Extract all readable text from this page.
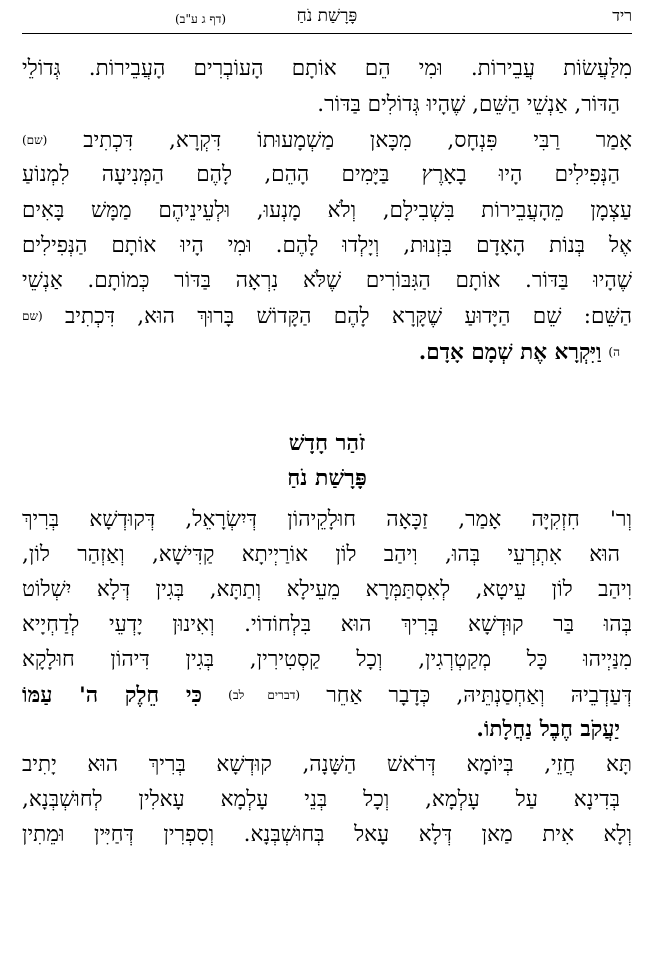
ריד
פָּרָשַׁת נֹחַ
(דף ג ע"ב)
מִלַּעֲשׂוֹת עֲבֵירוֹת. וּמִי הֵם אוֹתָם הָעוֹבְרִים הָעֲבֵירוֹת. גְּדוֹלֵי
הַדּוֹר, אַנְשֵׁי הַשֵּׁם, שֶׁהָיוּ גְּדוֹלִים בַּדּוֹר.
אָמַר רַבִּי פִּנְחָס, מִכָּאן מַשְׁמָעוּתוֹ דִּקְרָא, דִּכְתִיב (שם)
הַנְּפִילִים הָיוּ בָאָרֶץ בַּיָּמִים הָהֵם, לָהֶם הַמְּנִיעָה לִמְנוֹעַ
עַצְמָן מֵהָעֲבֵירוֹת בִּשְׁבִילָם, וְלֹא מָנְעוּ, וּלְעֵינֵיהֶם מַמָּשׁ בָּאִים
אֶל בְּנוֹת הָאָדָם בִּזְנוּת, וְיָלְדוּ לָהֶם. וּמִי הָיוּ אוֹתָם הַנְּפִילִים
שֶׁהָיוּ בַּדּוֹר. אוֹתָם הַגִּבּוֹרִים שֶׁלֹּא נִרְאָה בַּדּוֹר כְּמוֹתָם. אַנְשֵׁי
הַשֵּׁם: שֵׁם הַיָּדוּעַ שֶׁקָּרָא לָהֶם הַקָּדוֹשׁ בָּרוּךְ הוּא, דִּכְתִיב (שם
ה) וַיִּקְרָא אֶת שְׁמָם אָדָם.
זֹהַר חָדָשׁ
פָּרָשַׁת נֹחַ
וְר' חִזְקִיָּה אָמַר, זַכָּאָה חוּלָקֵיהוֹן דְּיִשְׂרָאֵל, דְּקוּדְשָׁא בְּרִיךְ
הוּא אִתְרְעֵי בְּהוּ, וִיהַב לוֹן אוֹרַיְיתָא קַדִּישָׁא, וְאַזְהַר לוֹן,
וִיהַב לוֹן עֵיטָא, לְאִסְתַּמְּרָא מֵעֵילָא וְתַתָּא, בְּגִין דְּלָא יִשְׁלוֹט
בְּהוּ בַּר קוּדְשָׁא בְּרִיךְ הוּא בִּלְחוֹדוֹי. וְאִינוּן יָדְעֵי לְדַחְיָיא
מִנַּיְיהוּ כָּל מְקַטְרְגִין, וְכָל קַסְטִירִין, בְּגִין דִּיהוֹן חוּלָקָא
דְּעַדְבֵיהּ וְאַחְסַנְתֵּיהּ, כְּדָבָר אַחֵר (דברים לב) כִּי חֵלֶק ה' עַמּוֹ
יַעֲקֹב חֶבֶל נַחֲלָתוֹ.
תָּא חֲזֵי, בְּיוֹמָא דְּרֹאשׁ הַשָּׁנָה, קוּדְשָׁא בְּרִיךְ הוּא יָתִיב
בְּדִינָא עַל עָלְמָא, וְכָל בְּנֵי עָלְמָא עָאלִין לְחוּשְׁבְּנָא,
וְלָא אִית מַאן דְּלָא עָאל בְּחוּשְׁבְּנָא. וְסִפְרִין דְּחַיִּין וּמֵתִין
